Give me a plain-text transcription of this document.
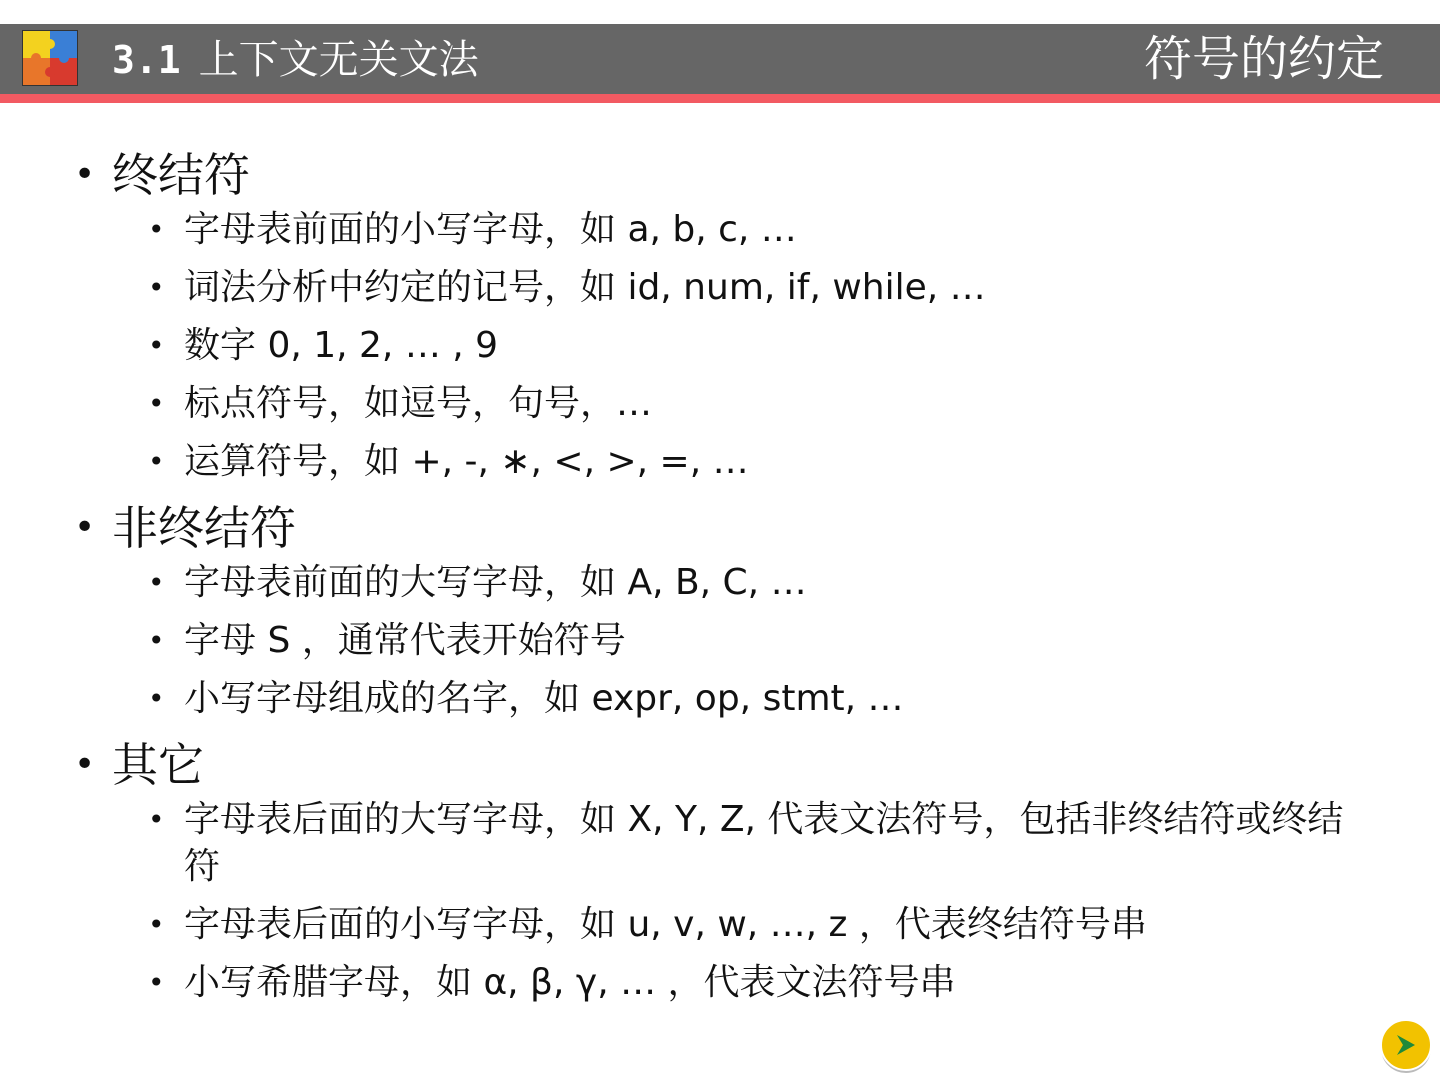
3.1 上下文无关文法	符号的约定
• 终结符
• 字母表前面的小写字母，如 a, b, c, …
• 词法分析中约定的记号，如 id, num, if, while, …
• 数字 0, 1, 2, … , 9
• 标点符号，如逗号，句号，…
• 运算符号，如 +, -, ∗, <, >, =, …
• 非终结符
• 字母表前面的大写字母，如 A, B, C, …
• 字母 S ，通常代表开始符号
• 小写字母组成的名字，如 expr, op, stmt, …
• 其它
• 字母表后面的大写字母，如 X, Y, Z, 代表文法符号，包括非终结符或终结符
• 字母表后面的小写字母，如 u, v, w, …, z ，代表终结符号串
• 小写希腊字母，如 α, β, γ, … ，代表文法符号串
